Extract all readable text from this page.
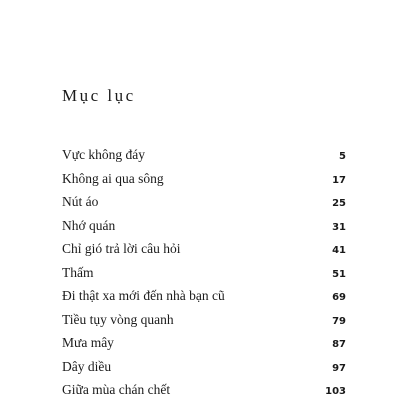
Mục lục
Vực không đáy	5
Không ai qua sông	17
Nút áo	25
Nhớ quán	31
Chỉ gió trả lời câu hỏi	41
Thấm	51
Đi thật xa mới đến nhà bạn cũ	69
Tiều tụy vòng quanh	79
Mưa mây	87
Dây diều	97
Giữa mùa chán chết	103
